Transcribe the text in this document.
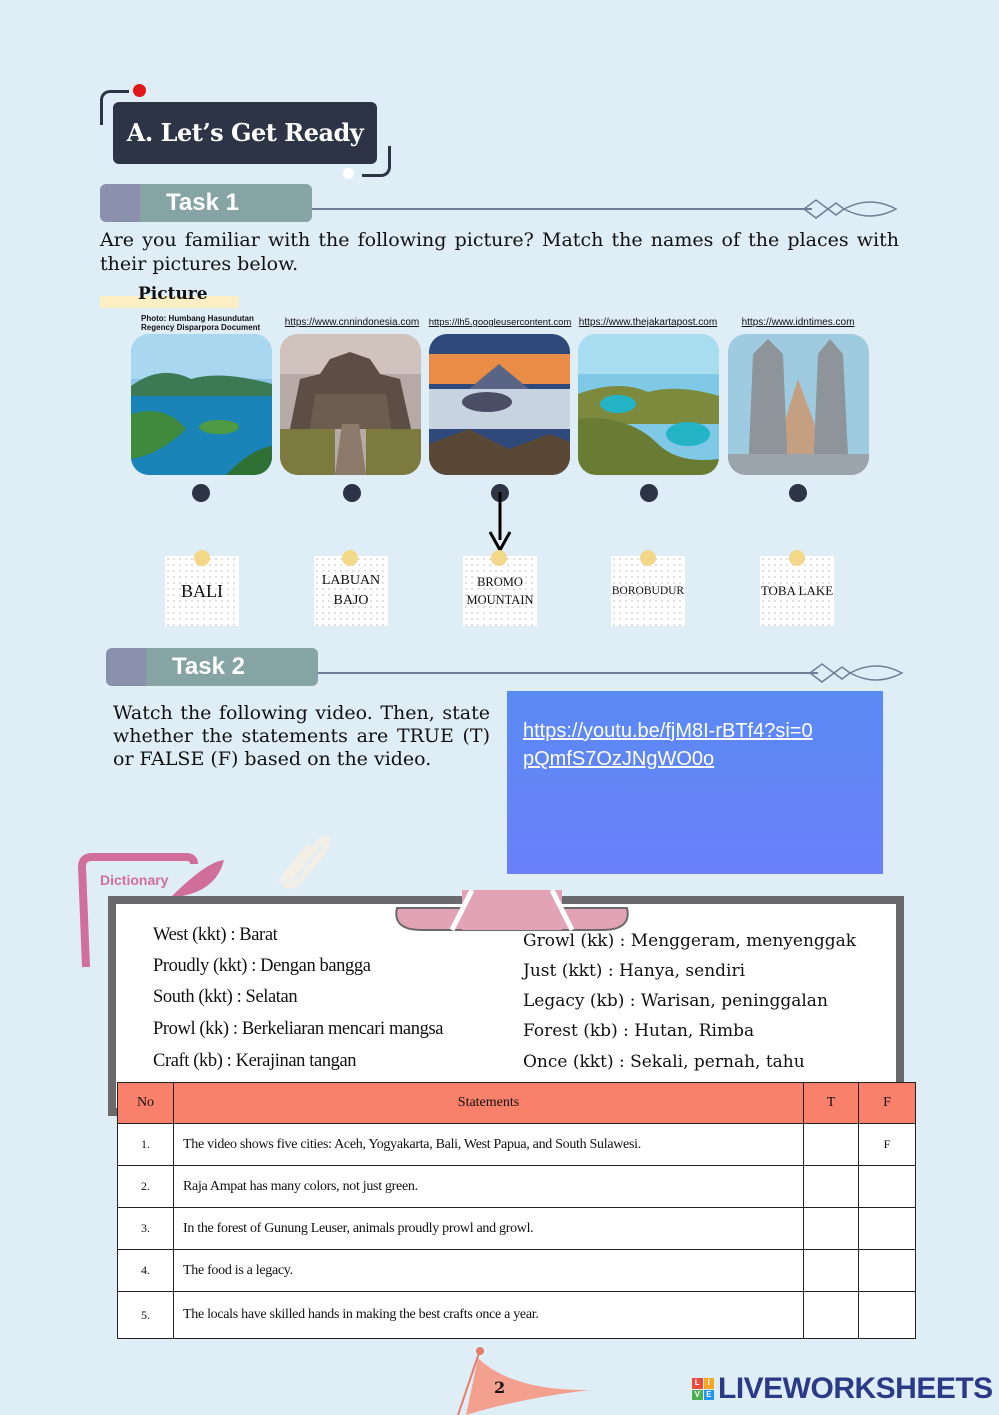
A. Let’s Get Ready
Task 1
Are you familiar with the following picture? Match the names of the places with their pictures below.
Picture
Photo: Humbang Hasundutan Regency Disparpora Document	https://www.cnnindonesia.com https://lh5.googleusercontent.com https://www.thejakartapost.com	https://www.idntimes.com
BALI	LABUAN BAJO
BROMO MOUNTAIN
BOROBUDUR	TOBA LAKE
Task 2
Watch the following video. Then, state whether the statements are TRUE (T) or FALSE (F) based on the video.
https://youtu.be/fjM8I-rBTf4?si=0pQmfS7OzJNgWO0o
Dictionary
West (kkt) : Barat
Proudly (kkt) : Dengan bangga
South (kkt) : Selatan
Prowl (kk) : Berkeliaran mencari mangsa
Craft (kb) : Kerajinan tangan
Growl (kk) : Menggeram, menyenggak
Just (kkt) : Hanya, sendiri
Legacy (kb) : Warisan, peninggalan
Forest (kb) : Hutan, Rimba
Once (kkt) : Sekali, pernah, tahu
No	Statements	T	F
1.	The video shows five cities: Aceh, Yogyakarta, Bali, West Papua, and South Sulawesi.		F
2.	Raja Ampat has many colors, not just green.		
3.	In the forest of Gunung Leuser, animals proudly prowl and growl.		
4.	The food is a legacy.		
5.	The locals have skilled hands in making the best crafts once a year.		
2	L I
V E LIVEWORKSHEETS
